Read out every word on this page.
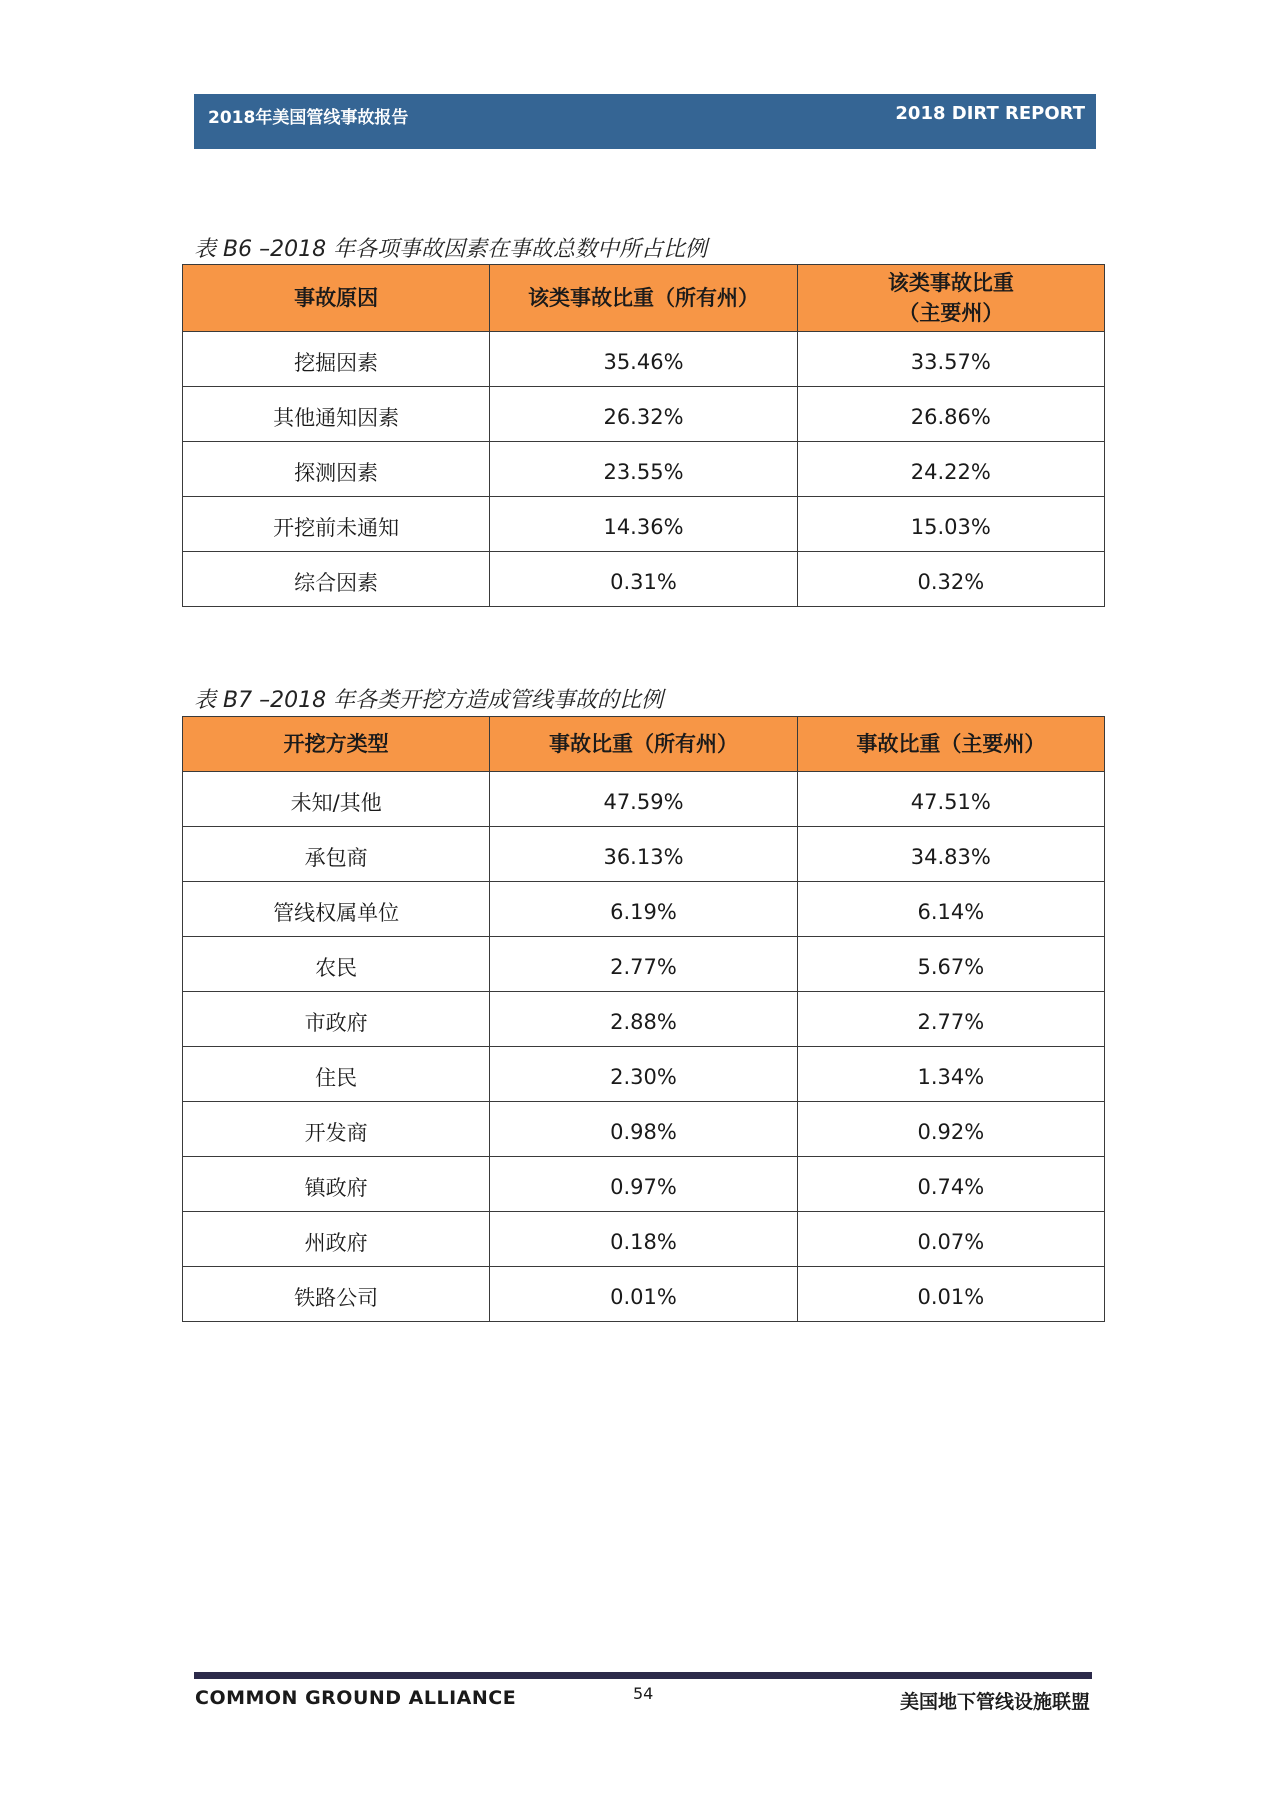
2018年美国管线事故报告	2018 DIRT REPORT
表 B6 –2018 年各项事故因素在事故总数中所占比例
事故原因	该类事故比重（所有州）	该类事故比重
（主要州）

挖掘因素	35.46%	33.57%
其他通知因素	26.32%	26.86%
探测因素	23.55%	24.22%
开挖前未通知	14.36%	15.03%
综合因素	0.31%	0.32%
表 B7 –2018 年各类开挖方造成管线事故的比例
开挖方类型	事故比重（所有州）	事故比重（主要州）

未知/其他	47.59%	47.51%
承包商	36.13%	34.83%
管线权属单位	6.19%	6.14%
农民	2.77%	5.67%
市政府	2.88%	2.77%
住民	2.30%	1.34%
开发商	0.98%	0.92%
镇政府	0.97%	0.74%
州政府	0.18%	0.07%
铁路公司	0.01%	0.01%
COMMON GROUND ALLIANCE	54	美国地下管线设施联盟
